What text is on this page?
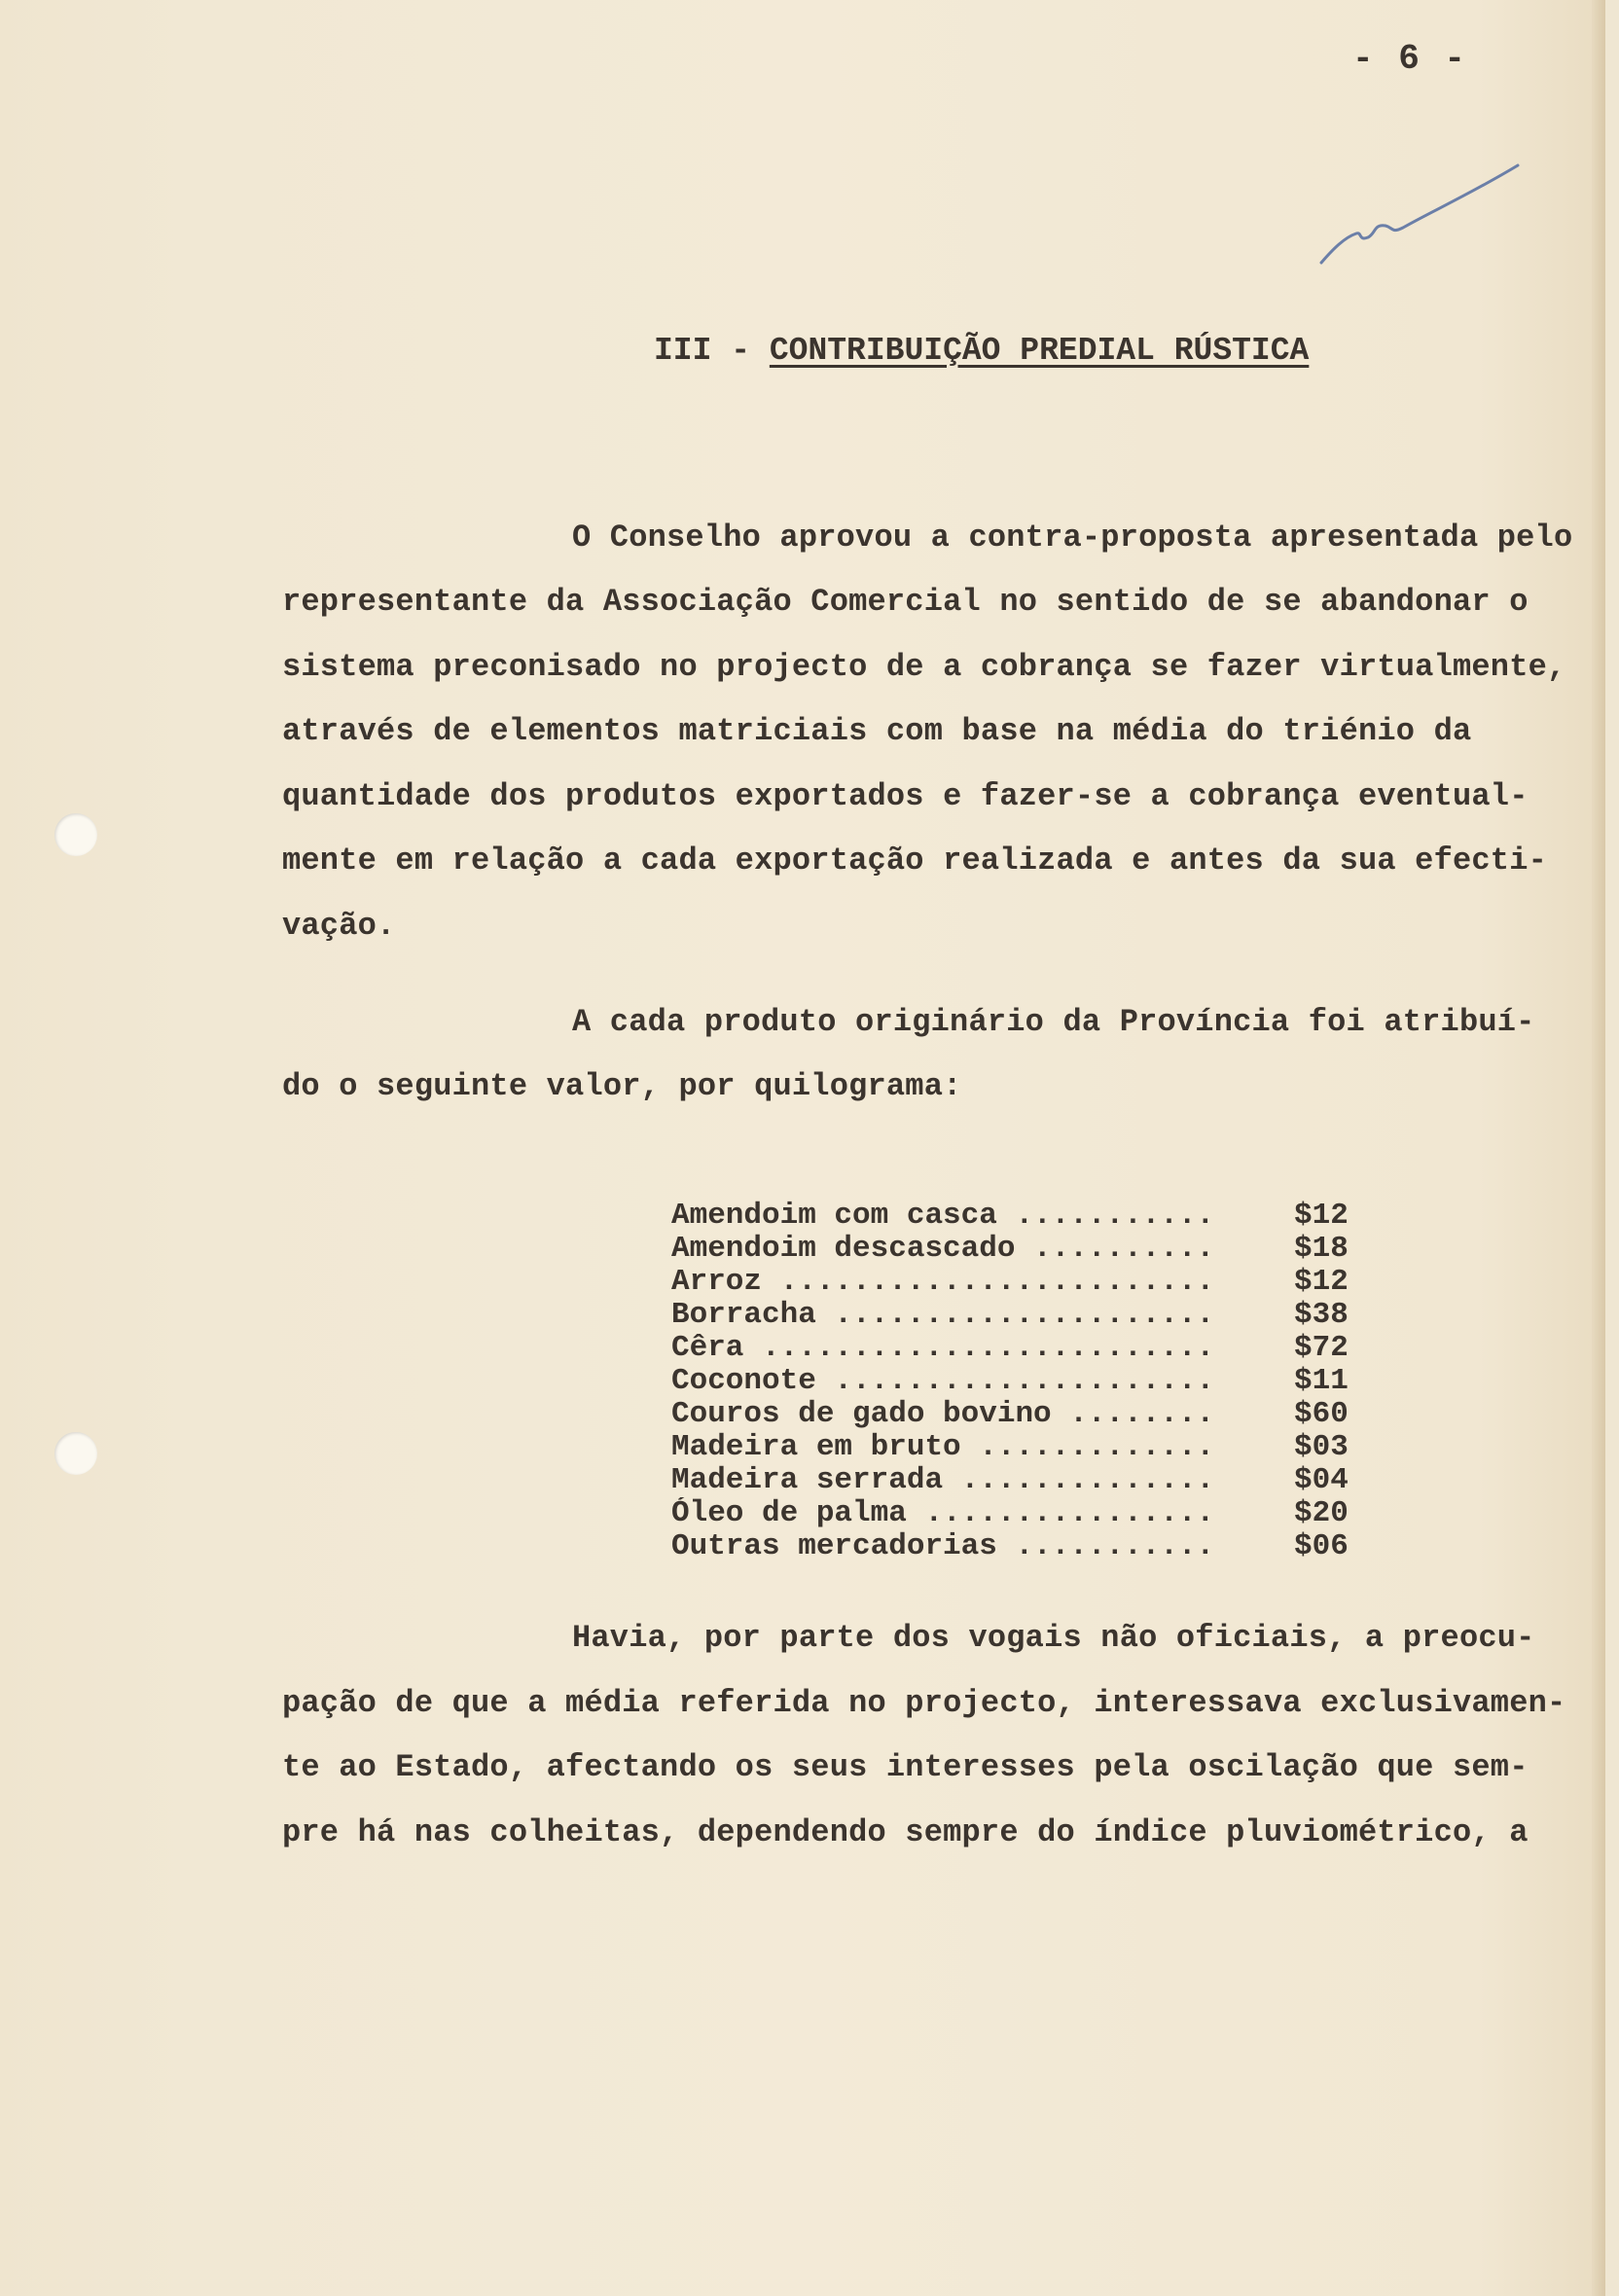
- 6 -
III - CONTRIBUIÇÃO PREDIAL RÚSTICA
O Conselho aprovou a contra-proposta apresentada pelo
representante da Associação Comercial no sentido de se abandonar o
sistema preconisado no projecto de a cobrança se fazer virtualmente,
através de elementos matriciais com base na média do triénio da
quantidade dos produtos exportados e fazer-se a cobrança eventual-
mente em relação a cada exportação realizada e antes da sua efecti-
vação.
A cada produto originário da Província foi atribuí-
do o seguinte valor, por quilograma:
Amendoim com casca ...........	$12
Amendoim descascado ..........	$18
Arroz ........................	$12
Borracha .....................	$38
Cêra .........................	$72
Coconote .....................	$11
Couros de gado bovino ........	$60
Madeira em bruto .............	$03
Madeira serrada ..............	$04
Óleo de palma ................	$20
Outras mercadorias ...........	$06
Havia, por parte dos vogais não oficiais, a preocu-
pação de que a média referida no projecto, interessava exclusivamen-
te ao Estado, afectando os seus interesses pela oscilação que sem-
pre há nas colheitas, dependendo sempre do índice pluviométrico, a
